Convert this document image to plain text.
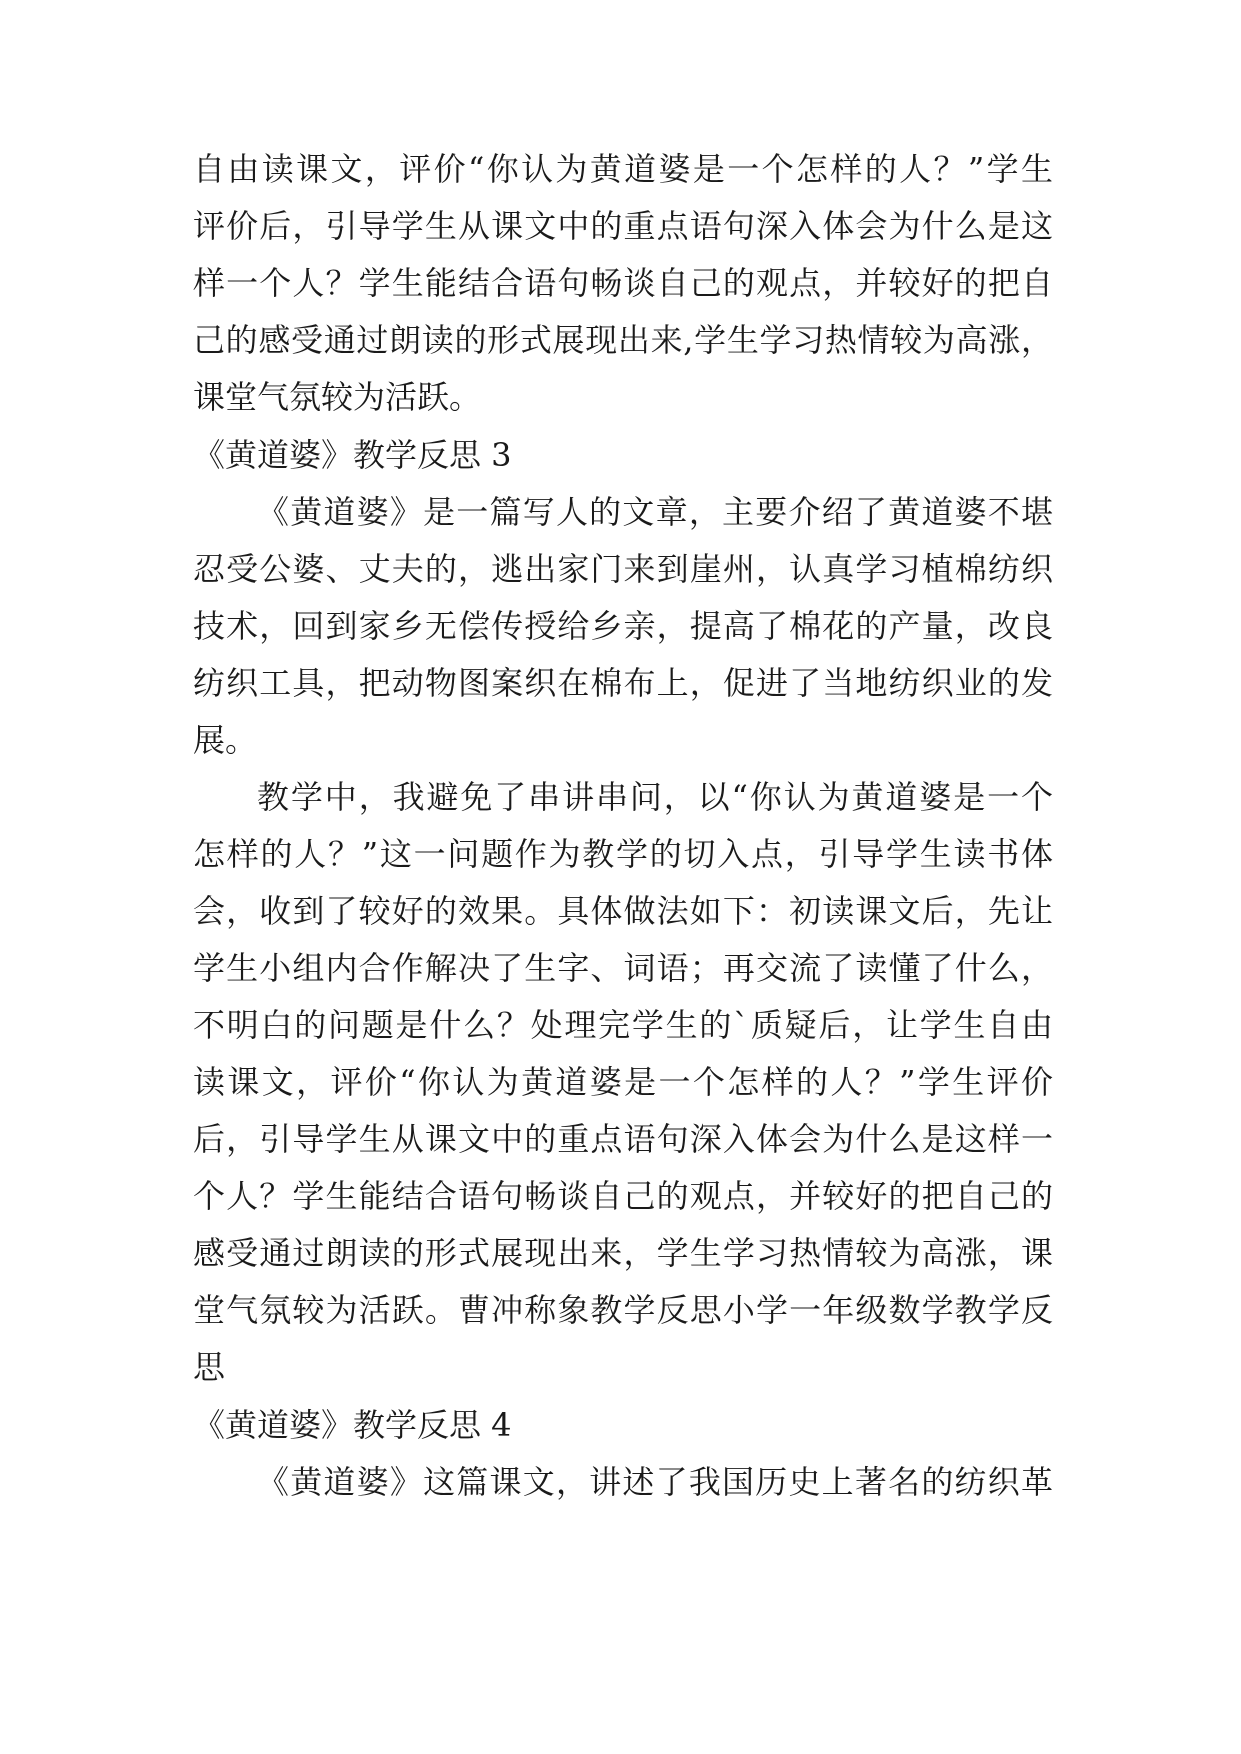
自由读课文，评价“你认为黄道婆是一个怎样的人？”学生
评价后，引导学生从课文中的重点语句深入体会为什么是这
样一个人？学生能结合语句畅谈自己的观点，并较好的把自
己的感受通过朗读的形式展现出来,学生学习热情较为高涨，
课堂气氛较为活跃。
《黄道婆》教学反思 3
《黄道婆》是一篇写人的文章，主要介绍了黄道婆不堪
忍受公婆、丈夫的，逃出家门来到崖州，认真学习植棉纺织
技术，回到家乡无偿传授给乡亲，提高了棉花的产量，改良
纺织工具，把动物图案织在棉布上，促进了当地纺织业的发
展。
教学中，我避免了串讲串问，以“你认为黄道婆是一个
怎样的人？”这一问题作为教学的切入点，引导学生读书体
会，收到了较好的效果。具体做法如下：初读课文后，先让
学生小组内合作解决了生字、词语；再交流了读懂了什么，
不明白的问题是什么？处理完学生的`质疑后，让学生自由
读课文，评价“你认为黄道婆是一个怎样的人？”学生评价
后，引导学生从课文中的重点语句深入体会为什么是这样一
个人？学生能结合语句畅谈自己的观点，并较好的把自己的
感受通过朗读的形式展现出来，学生学习热情较为高涨，课
堂气氛较为活跃。曹冲称象教学反思小学一年级数学教学反
思
《黄道婆》教学反思 4
《黄道婆》这篇课文，讲述了我国历史上著名的纺织革
